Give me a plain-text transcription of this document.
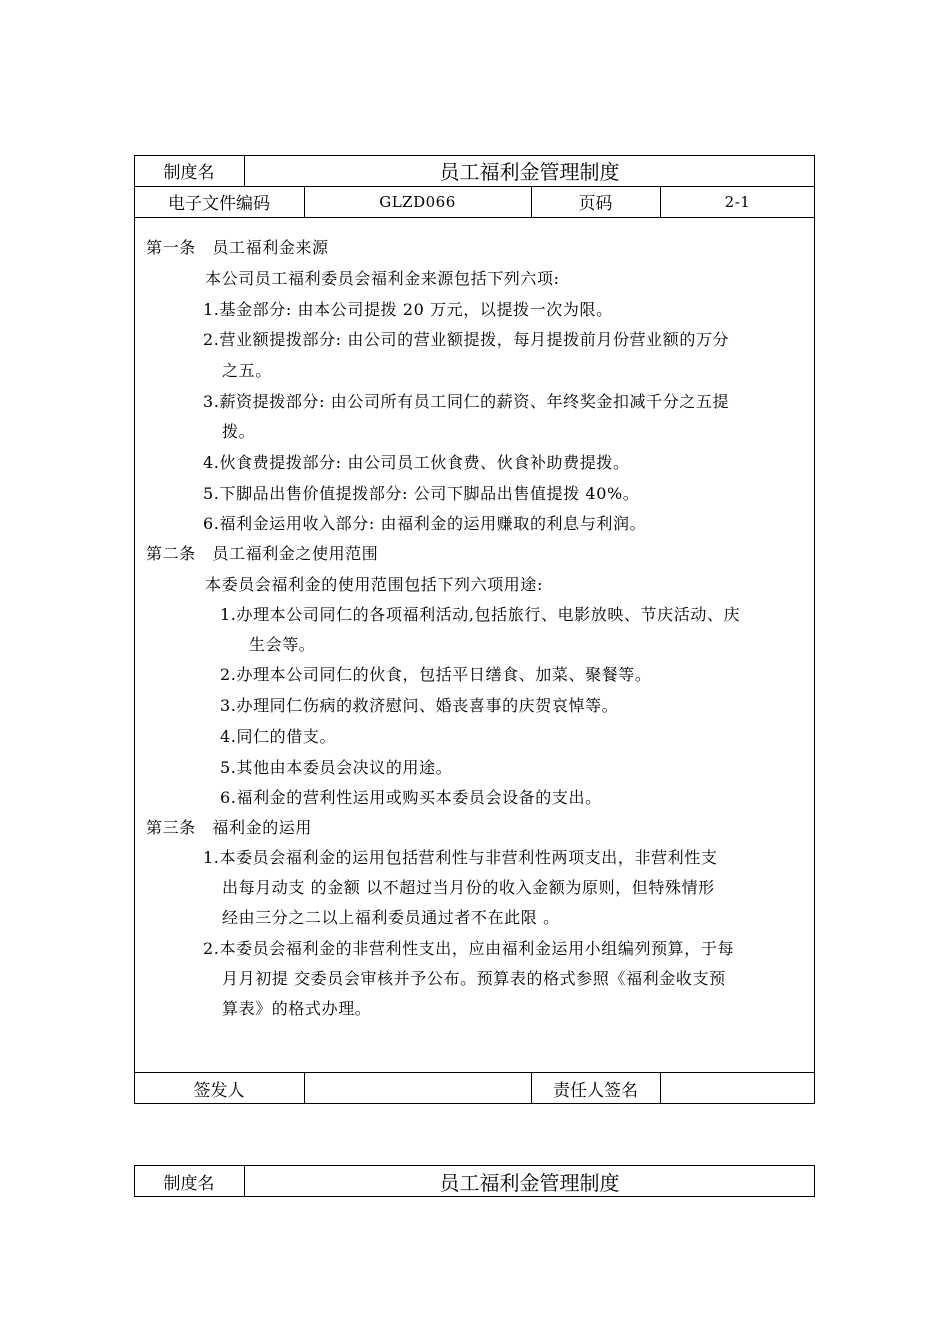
制度名	员工福利金管理制度
电子文件编码	GLZD066	页码	2-1
第一条　员工福利金来源
本公司员工福利委员会福利金来源包括下列六项:
1.基金部分: 由本公司提拨 20 万元，以提拨一次为限。
2.营业额提拨部分: 由公司的营业额提拨，每月提拨前月份营业额的万分
之五。
3.薪资提拨部分: 由公司所有员工同仁的薪资、年终奖金扣减千分之五提
拨。
4.伙食费提拨部分: 由公司员工伙食费、伙食补助费提拨。
5.下脚品出售价值提拨部分: 公司下脚品出售值提拨 40%。
6.福利金运用收入部分: 由福利金的运用赚取的利息与利润。
第二条　员工福利金之使用范围
本委员会福利金的使用范围包括下列六项用途:
1.办理本公司同仁的各项福利活动,包括旅行、电影放映、节庆活动、庆
生会等。
2.办理本公司同仁的伙食，包括平日缮食、加菜、聚餐等。
3.办理同仁伤病的救济慰问、婚丧喜事的庆贺哀悼等。
4.同仁的借支。
5.其他由本委员会决议的用途。
6.福利金的营利性运用或购买本委员会设备的支出。
第三条　福利金的运用
1.本委员会福利金的运用包括营利性与非营利性两项支出，非营利性支
出每月动支 的金额 以不超过当月份的收入金额为原则，但特殊情形
经由三分之二以上福利委员通过者不在此限 。
2.本委员会福利金的非营利性支出，应由福利金运用小组编列预算，于每
月月初提 交委员会审核并予公布。预算表的格式参照《福利金收支预
算表》的格式办理。
签发人	责任人签名
制度名	员工福利金管理制度
